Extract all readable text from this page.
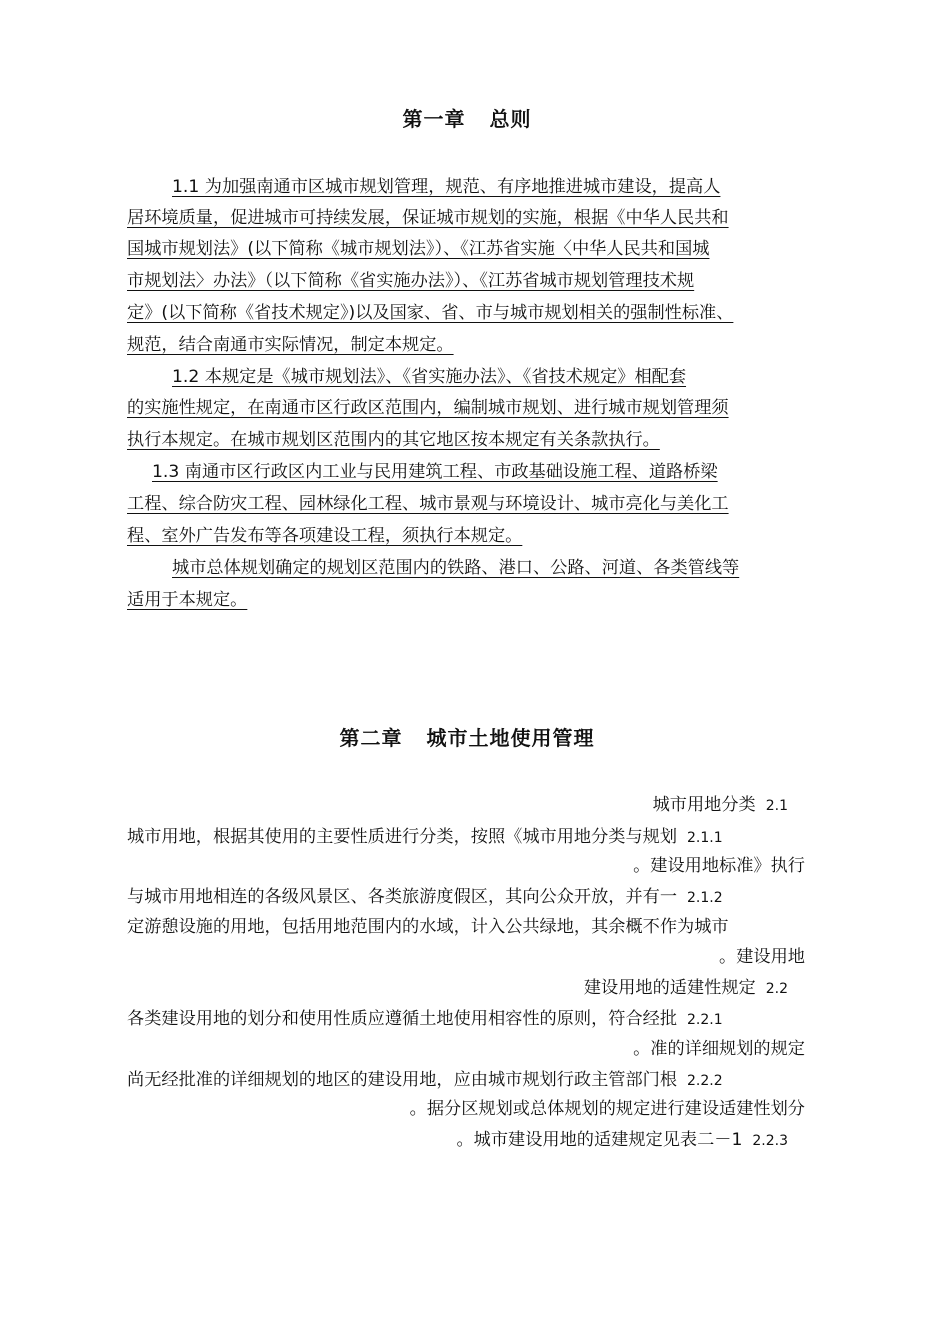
第一章 总则
1.1 为加强南通市区城市规划管理，规范、有序地推进城市建设，提高人
居环境质量，促进城市可持续发展，保证城市规划的实施，根据《中华人民共和
国城市规划法》(以下简称《城市规划法》）、《江苏省实施〈中华人民共和国城
市规划法〉办法》（以下简称《省实施办法》）、《江苏省城市规划管理技术规
定》(以下简称《省技术规定》)以及国家、省、市与城市规划相关的强制性标准、
规范，结合南通市实际情况，制定本规定。
1.2 本规定是《城市规划法》、《省实施办法》、《省技术规定》相配套
的实施性规定，在南通市区行政区范围内，编制城市规划、进行城市规划管理须
执行本规定。在城市规划区范围内的其它地区按本规定有关条款执行。
1.3 南通市区行政区内工业与民用建筑工程、市政基础设施工程、道路桥梁
工程、综合防灾工程、园林绿化工程、城市景观与环境设计、城市亮化与美化工
程、室外广告发布等各项建设工程，须执行本规定。
城市总体规划确定的规划区范围内的铁路、港口、公路、河道、各类管线等
适用于本规定。
第二章 城市土地使用管理
城市用地分类 2.1
城市用地，根据其使用的主要性质进行分类，按照《城市用地分类与规划 2.1.1
。建设用地标准》执行
与城市用地相连的各级风景区、各类旅游度假区，其向公众开放，并有一 2.1.2
定游憩设施的用地，包括用地范围内的水域，计入公共绿地，其余概不作为城市
。建设用地
建设用地的适建性规定 2.2
各类建设用地的划分和使用性质应遵循土地使用相容性的原则，符合经批 2.2.1
。准的详细规划的规定
尚无经批准的详细规划的地区的建设用地，应由城市规划行政主管部门根 2.2.2
。据分区规划或总体规划的规定进行建设适建性划分
。城市建设用地的适建规定见表二－1 2.2.3
